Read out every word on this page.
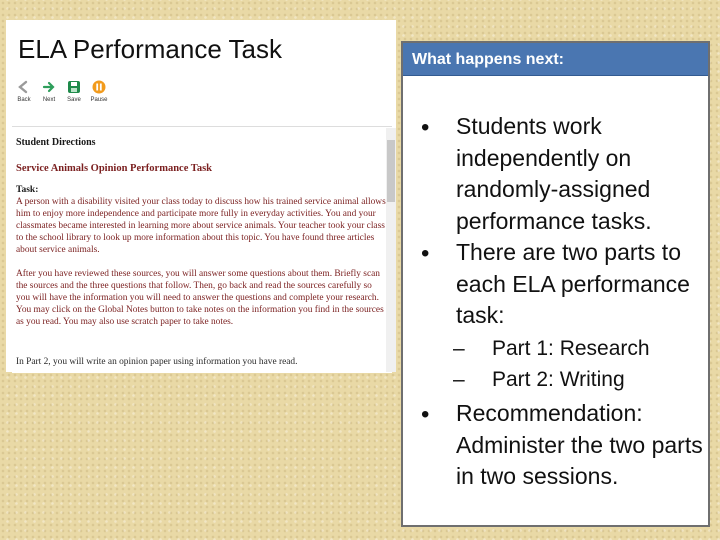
ELA Performance Task
Back	Next	Save	Pause
Student Directions
Service Animals Opinion Performance Task
Task:
A person with a disability visited your class today to discuss how his trained service animal allows him to enjoy more independence and participate more fully in everyday activities. You and your classmates became interested in learning more about service animals. Your teacher took your class to the school library to look up more information about this topic. You have found three articles about service animals.
After you have reviewed these sources, you will answer some questions about them. Briefly scan the sources and the three questions that follow. Then, go back and read the sources carefully so you will have the information you will need to answer the questions and complete your research. You may click on the Global Notes button to take notes on the information you find in the sources as you read. You may also use scratch paper to take notes.
In Part 2, you will write an opinion paper using information you have read.
What happens next:
• Students work independently on randomly-assigned performance tasks.
• There are two parts to each ELA performance task:
– Part 1: Research
– Part 2: Writing
• Recommendation: Administer the two parts in two sessions.
